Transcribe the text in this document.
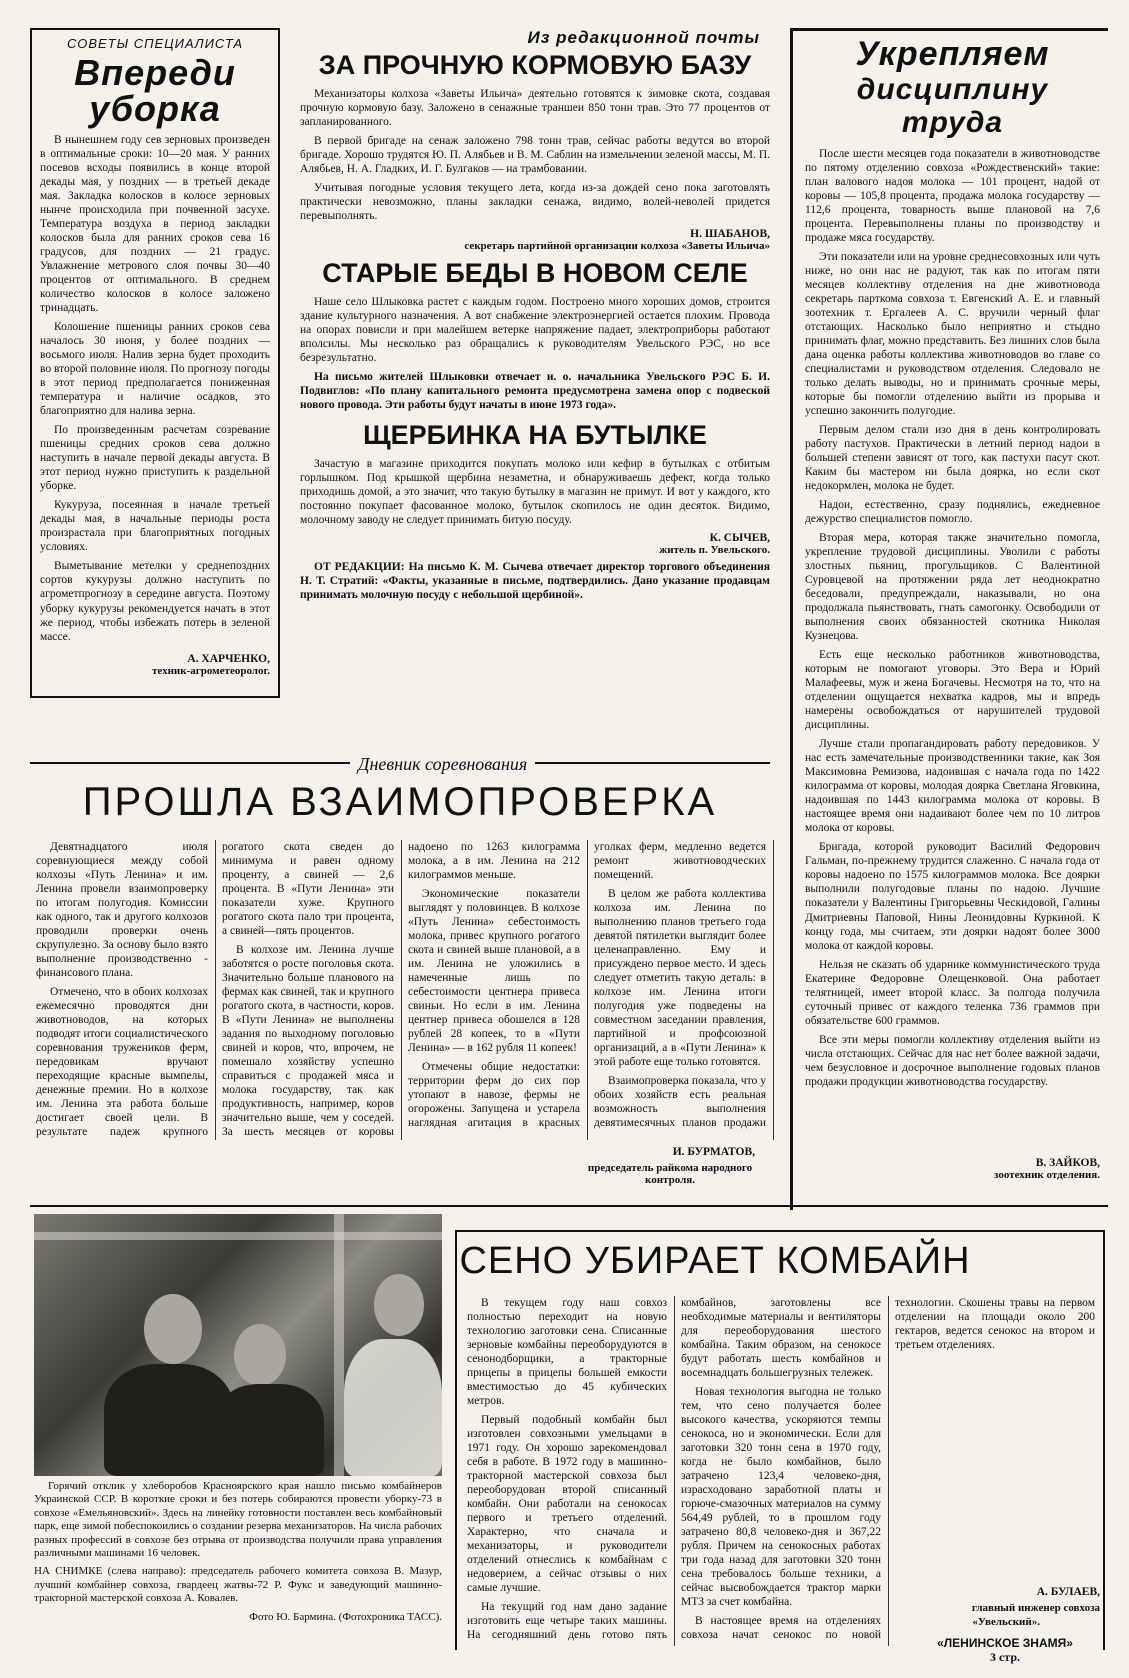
СОВЕТЫ СПЕЦИАЛИСТА
Впереди
уборка

В нынешнем году сев зерновых произведен в оптимальные сроки: 10—20 мая. У ранних посевов всходы появились в конце второй декады мая, у поздних — в третьей декаде мая. Закладка колосков в колосе зерновых нынче происходила при почвенной засухе. Температура воздуха в период закладки колосков была для ранних сроков сева 16 градусов, для поздних — 21 градус. Увлажнение метрового слоя почвы 30—40 процентов от оптимального. В среднем количество колосков в колосе заложено тринадцать.

Колошение пшеницы ранних сроков сева началось 30 июня, у более поздних — восьмого июля. Налив зерна будет проходить во второй половине июля. По прогнозу погоды в этот период предполагается пониженная температура и наличие осадков, это благоприятно для налива зерна.

По произведенным расчетам созревание пшеницы средних сроков сева должно наступить в начале первой декады августа. В этот период нужно приступить к раздельной уборке.

Кукуруза, посеянная в начале третьей декады мая, в начальные периоды роста произрастала при благоприятных погодных условиях.

Выметывание метелки у среднепоздних сортов кукурузы должно наступить по агрометпрогнозу в середине августа. Поэтому уборку кукурузы рекомендуется начать в этот же период, чтобы избежать потерь в зеленой массе.

А. ХАРЧЕНКО,
техник-агрометеоролог.
Из редакционной почты
ЗА ПРОЧНУЮ КОРМОВУЮ БАЗУ

Механизаторы колхоза «Заветы Ильича» деятельно готовятся к зимовке скота, создавая прочную кормовую базу. Заложено в сенажные траншеи 850 тонн трав. Это 77 процентов от запланированного.

В первой бригаде на сенаж заложено 798 тонн трав, сейчас работы ведутся во второй бригаде. Хорошо трудятся Ю. П. Алябьев и В. М. Саблин на измельчении зеленой массы, М. П. Алябьев, Н. А. Гладких, И. Г. Булгаков — на трамбовании.

Учитывая погодные условия текущего лета, когда из-за дождей сено пока заготовлять практически невозможно, планы закладки сенажа, видимо, волей-неволей придется перевыполнять.

Н. ШАБАНОВ,
секретарь партийной организации колхоза «Заветы Ильича»
СТАРЫЕ БЕДЫ В НОВОМ СЕЛЕ

Наше село Шлыковка растет с каждым годом. Построено много хороших домов, строится здание культурного назначения. А вот снабжение электроэнергией остается плохим. Провода на опорах повисли и при малейшем ветерке напряжение падает, электроприборы работают вполсилы. Мы несколько раз обращались к руководителям Увельского РЭС, но все безрезультатно.

На письмо жителей Шлыковки отвечает и. о. начальника Увельского РЭС Б. И. Подвиглов: «По плану капитального ремонта предусмотрена замена опор с подвеской нового провода. Эти работы будут начаты в июне 1973 года».

ЩЕРБИНКА НА БУТЫЛКЕ

Зачастую в магазине приходится покупать молоко или кефир в бутылках с отбитым горлышком. Под крышкой щербина незаметна, и обнаруживаешь дефект, когда только приходишь домой, а это значит, что такую бутылку в магазин не примут. И вот у каждого, кто постоянно покупает фасованное молоко, бутылок скопилось не один десяток. Видимо, молочному заводу не следует принимать битую посуду.

К. СЫЧЕВ,
житель п. Увельского.

ОТ РЕДАКЦИИ: На письмо К. М. Сычева отвечает директор торгового объединения Н. Т. Стратий: «Факты, указанные в письме, подтвердились. Дано указание продавцам принимать молочную посуду с небольшой щербиной».

Укрепляем
дисциплину труда

После шести месяцев года показатели в животноводстве по пятому отделению совхоза «Рождественский» такие: план валового надоя молока — 101 процент, надой от коровы — 105,8 процента, продажа молока государству — 112,6 процента, товарность выше плановой на 7,6 процента. Перевыполнены планы по производству и продаже мяса государству.

Эти показатели или на уровне среднесовхозных или чуть ниже, но они нас не радуют, так как по итогам пяти месяцев коллективу отделения на дне животновода секретарь парткома совхоза т. Евгенский А. Е. и главный зоотехник т. Ергалеев А. С. вручили черный флаг отстающих. Насколько было неприятно и стыдно принимать флаг, можно представить. Без лишних слов была дана оценка работы коллектива животноводов во главе со специалистами и руководством отделения. Следовало не только делать выводы, но и принимать срочные меры, которые бы помогли отделению выйти из прорыва и успешно закончить полугодие.

Первым делом стали изо дня в день контролировать работу пастухов. Практически в летний период надои в большей степени зависят от того, как пастухи пасут скот. Каким бы мастером ни была доярка, но если скот недокормлен, молока не будет.

Надои, естественно, сразу поднялись, ежедневное дежурство специалистов помогло.

Вторая мера, которая также значительно помогла, укрепление трудовой дисциплины. Уволили с работы злостных пьяниц, прогульщиков. С Валентиной Суровцевой на протяжении ряда лет неоднократно беседовали, предупреждали, наказывали, но она продолжала пьянствовать, гнать самогонку. Освободили от выполнения своих обязанностей скотника Николая Кузнецова.

Есть еще несколько работников животноводства, которым не помогают уговоры. Это Вера и Юрий Малафеевы, муж и жена Богачевы. Несмотря на то, что на отделении ощущается нехватка кадров, мы и впредь намерены освобождаться от нарушителей трудовой дисциплины.

Лучше стали пропагандировать работу передовиков. У нас есть замечательные производственники такие, как Зоя Максимовна Ремизова, надоившая с начала года по 1422 килограмма от коровы, молодая доярка Светлана Яговкина, надоившая по 1443 килограмма молока от коровы. В настоящее время они надаивают более чем по 10 литров молока от коровы.

Бригада, которой руководит Василий Федорович Гальман, по-прежнему трудится слаженно. С начала года от коровы надоено по 1575 килограммов молока. Все доярки выполнили полугодовые планы по надою. Лучшие показатели у Валентины Григорьевны Ческидовой, Галины Дмитриевны Паповой, Нины Леонидовны Куркиной. К концу года, мы считаем, эти доярки надоят более 3000 молока от каждой коровы.

Нельзя не сказать об ударнике коммунистического труда Екатерине Федоровне Олещенковой. Она работает телятницей, имеет второй класс. За полгода получила суточный привес от каждого теленка 736 граммов при обязательстве 600 граммов.

Все эти меры помогли коллективу отделения выйти из числа отстающих. Сейчас для нас нет более важной задачи, чем безусловное и досрочное выполнение годовых планов продажи продукции животноводства государству.

В. ЗАЙКОВ,
зоотехник отделения.
Дневник соревнования
ПРОШЛА ВЗАИМОПРОВЕРКА

Девятнадцатого июля соревнующиеся между собой колхозы «Путь Ленина» и им. Ленина провели взаимопроверку по итогам полугодия. Комиссии как одного, так и другого колхозов проводили проверки очень скрупулезно. За основу было взято выполнение производственно - финансового плана.

Отмечено, что в обоих колхозах ежемесячно проводятся дни животноводов, на которых подводят итоги социалистического соревнования тружеников ферм, передовикам вручают переходящие красные вымпелы, денежные премии. Но в колхозе им. Ленина эта работа больше достигает своей цели. В результате падеж крупного рогатого скота сведен до минимума и равен одному проценту, а свиней — 2,6 процента. В «Пути Ленина» эти показатели хуже. Крупного рогатого скота пало три процента, а свиней—пять процентов.

В колхозе им. Ленина лучше заботятся о росте поголовья скота. Значительно больше планового на фермах как свиней, так и крупного рогатого скота, в частности, коров. В «Пути Ленина» не выполнены задания по выходному поголовью свиней и коров, что, впрочем, не помешало хозяйству успешно справиться с продажей мяса и молока государству, так как продуктивность, например, коров значительно выше, чем у соседей. За шесть месяцев от коровы надоено по 1263 килограмма молока, а в им. Ленина на 212 килограммов меньше.

Экономические показатели выглядят у половинцев. В колхозе «Путь Ленина» себестоимость молока, привес крупного рогатого скота и свиней выше плановой, а в им. Ленина не уложились в намеченные лишь по себестоимости центнера привеса свиньи. Но если в им. Ленина центнер привеса обошелся в 128 рублей 28 копеек, то в «Пути Ленина» — в 162 рубля 11 копеек!

Отмечены общие недостатки: территории ферм до сих пор утопают в навозе, фермы не огорожены. Запущена и устарела наглядная агитация в красных уголках ферм, медленно ведется ремонт животноводческих помещений.

В целом же работа коллектива колхоза им. Ленина по выполнению планов третьего года девятой пятилетки выглядит более целенаправленно. Ему и присуждено первое место. И здесь следует отметить такую деталь: в колхозе им. Ленина итоги полугодия уже подведены на совместном заседании правления, партийной и профсоюзной организаций, а в «Пути Ленина» к этой работе еще только готовятся.

Взаимопроверка показала, что у обоих хозяйств есть реальная возможность выполнения девятимесячных планов продажи

И. БУРМАТОВ,
председатель райкома народного контроля.

Горячий отклик у хлеборобов Красноярского края нашло письмо комбайнеров Украинской ССР. В короткие сроки и без потерь собираются провести уборку-73 в совхозе «Емельяновский». Здесь на линейку готовности поставлен весь комбайновый парк, еще зимой побеспокоились о создании резерва механизаторов. На числа рабочих разных профессий в совхозе без отрыва от производства получили права управления различными машинами 16 человек.

НА СНИМКЕ (слева направо): председатель рабочего комитета совхоза В. Мазур, лучший комбайнер совхоза, гвардеец жатвы-72 Р. Фукс и заведующий машинно-тракторной мастерской совхоза А. Ковалев.

Фото Ю. Бармина. (Фотохроника ТАСС).
СЕНО УБИРАЕТ КОМБАЙН

В текущем году наш совхоз полностью переходит на новую технологию заготовки сена. Списанные зерновые комбайны переоборудуются в сенонодборщики, а тракторные прицепы в прицепы большей емкости вместимостью до 45 кубических метров.

Первый подобный комбайн был изготовлен совхозными умельцами в 1971 году. Он хорошо зарекомендовал себя в работе. В 1972 году в машинно-тракторной мастерской совхоза был переоборудован второй списанный комбайн. Они работали на сенокосах первого и третьего отделений. Характерно, что сначала и механизаторы, и руководители отделений отнеслись к комбайнам с недоверием, а сейчас отзывы о них самые лучшие.

На текущий год нам дано задание изготовить еще четыре таких машины. На сегодняшний день готово пять комбайнов, заготовлены все необходимые материалы и вентиляторы для переоборудования шестого комбайна. Таким образом, на сенокосе будут работать шесть комбайнов и восемнадцать большегрузных тележек.

Новая технология выгодна не только тем, что сено получается более высокого качества, ускоряются темпы сенокоса, но и экономически. Если для заготовки 320 тонн сена в 1970 году, когда не было комбайнов, было затрачено 123,4 человеко-дня, израсходовано заработной платы и горюче-смазочных материалов на сумму 564,49 рублей, то в прошлом году затрачено 80,8 человеко-дня и 367,22 рубля. Причем на сенокосных работах три года назад для заготовки 320 тонн сена требовалось больше техники, а сейчас высвобождается трактор марки МТЗ за счет комбайна.

В настоящее время на отделениях совхоза начат сенокос по новой технологии. Скошены травы на первом отделении на площади около 200 гектаров, ведется сенокос на втором и третьем отделениях.

А. БУЛАЕВ,
главный инженер совхоза
«Увельский».
«ЛЕНИНСКОЕ ЗНАМЯ»
3 стр.
